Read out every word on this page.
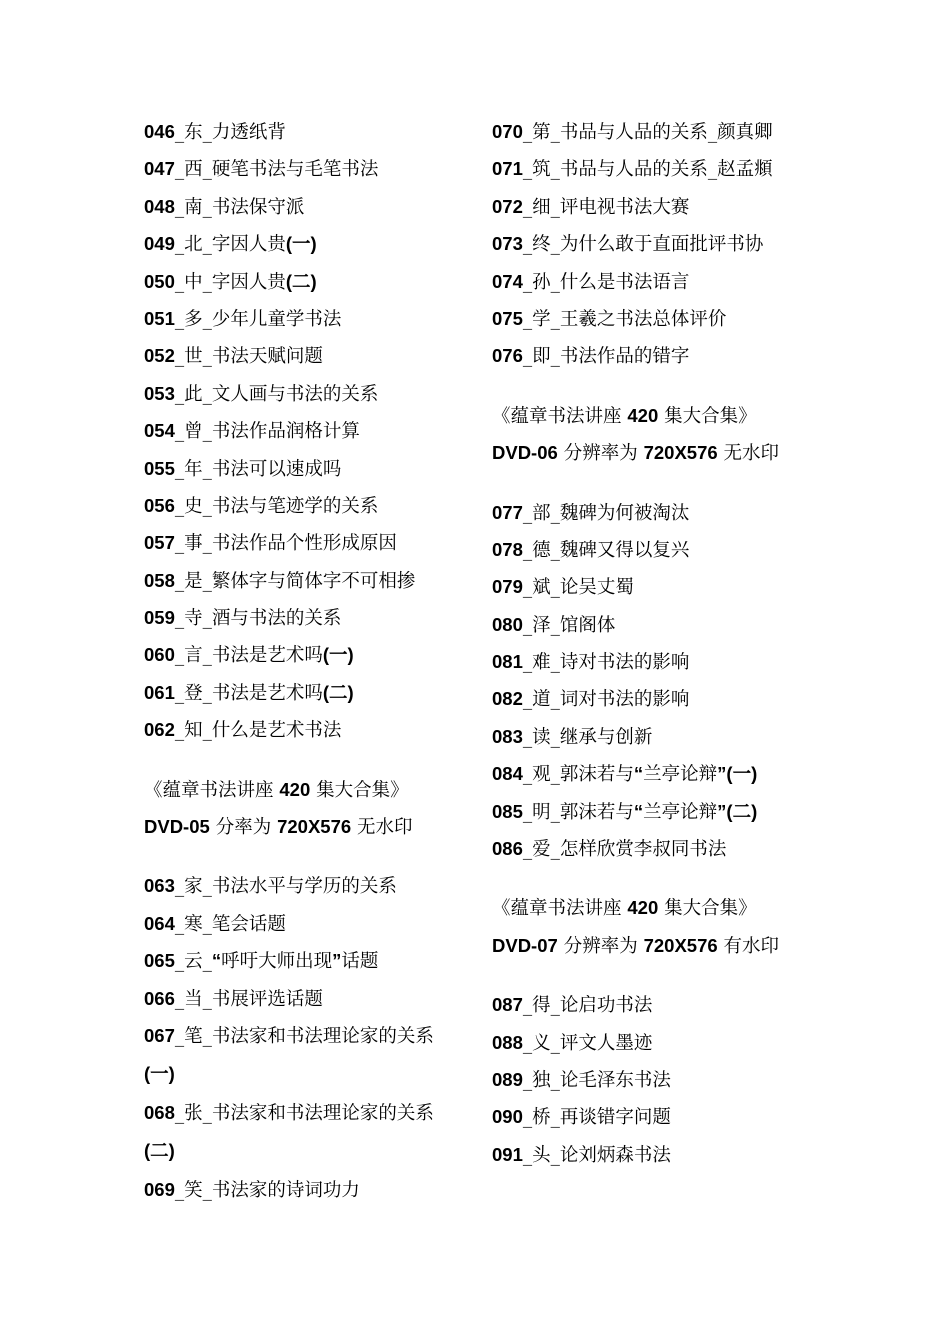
046_东_力透纸背
047_西_硬笔书法与毛笔书法
048_南_书法保守派
049_北_字因人贵(一)
050_中_字因人贵(二)
051_多_少年儿童学书法
052_世_书法天赋问题
053_此_文人画与书法的关系
054_曾_书法作品润格计算
055_年_书法可以速成吗
056_史_书法与笔迹学的关系
057_事_书法作品个性形成原因
058_是_繁体字与简体字不可相掺
059_寺_酒与书法的关系
060_言_书法是艺术吗(一)
061_登_书法是艺术吗(二)
062_知_什么是艺术书法
《蕴章书法讲座 420 集大合集》
DVD-05 分率为 720X576 无水印
063_家_书法水平与学历的关系
064_寒_笔会话题
065_云_“呼吁大师出现”话题
066_当_书展评选话题
067_笔_书法家和书法理论家的关系
(一)
068_张_书法家和书法理论家的关系
(二)
069_笑_书法家的诗词功力
070_第_书品与人品的关系_颜真卿
071_筑_书品与人品的关系_赵孟頫
072_细_评电视书法大赛
073_终_为什么敢于直面批评书协
074_孙_什么是书法语言
075_学_王羲之书法总体评价
076_即_书法作品的错字
《蕴章书法讲座 420 集大合集》
DVD-06 分辨率为 720X576 无水印
077_部_魏碑为何被淘汰
078_德_魏碑又得以复兴
079_斌_论吴丈蜀
080_泽_馆阁体
081_难_诗对书法的影响
082_道_词对书法的影响
083_读_继承与创新
084_观_郭沫若与“兰亭论辩”(一)
085_明_郭沫若与“兰亭论辩”(二)
086_爱_怎样欣赏李叔同书法
《蕴章书法讲座 420 集大合集》
DVD-07 分辨率为 720X576 有水印
087_得_论启功书法
088_义_评文人墨迹
089_独_论毛泽东书法
090_桥_再谈错字问题
091_头_论刘炳森书法
